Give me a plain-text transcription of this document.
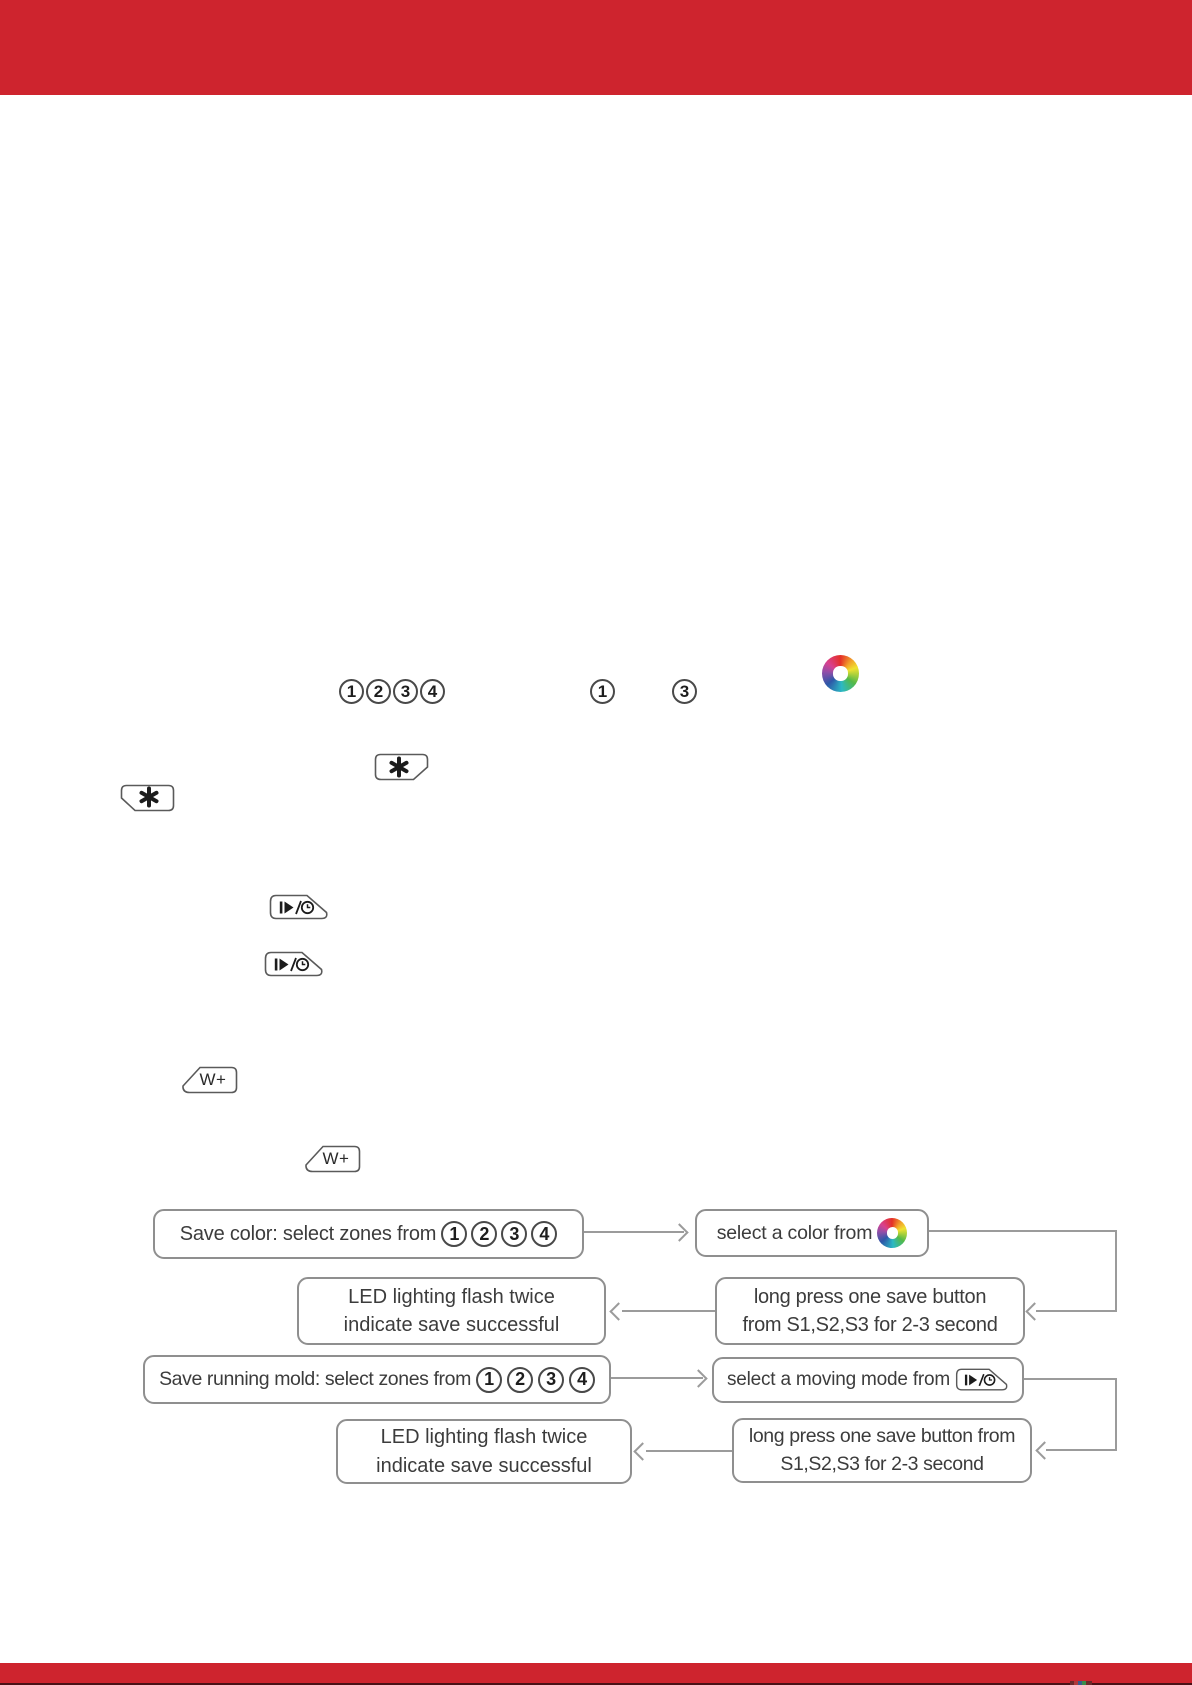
1	2	3	4	1	3
W+
W+
Save color: select zones from 1	2	3	4	select a color from
long press one save button
from S1,S2,S3 for 2-3 second
LED lighting flash twice
indicate save successful
Save running mold: select zones from 1	2	3	4	select a moving mode from
long press one save button from
S1,S2,S3 for 2-3 second
LED lighting flash twice
indicate save successful
